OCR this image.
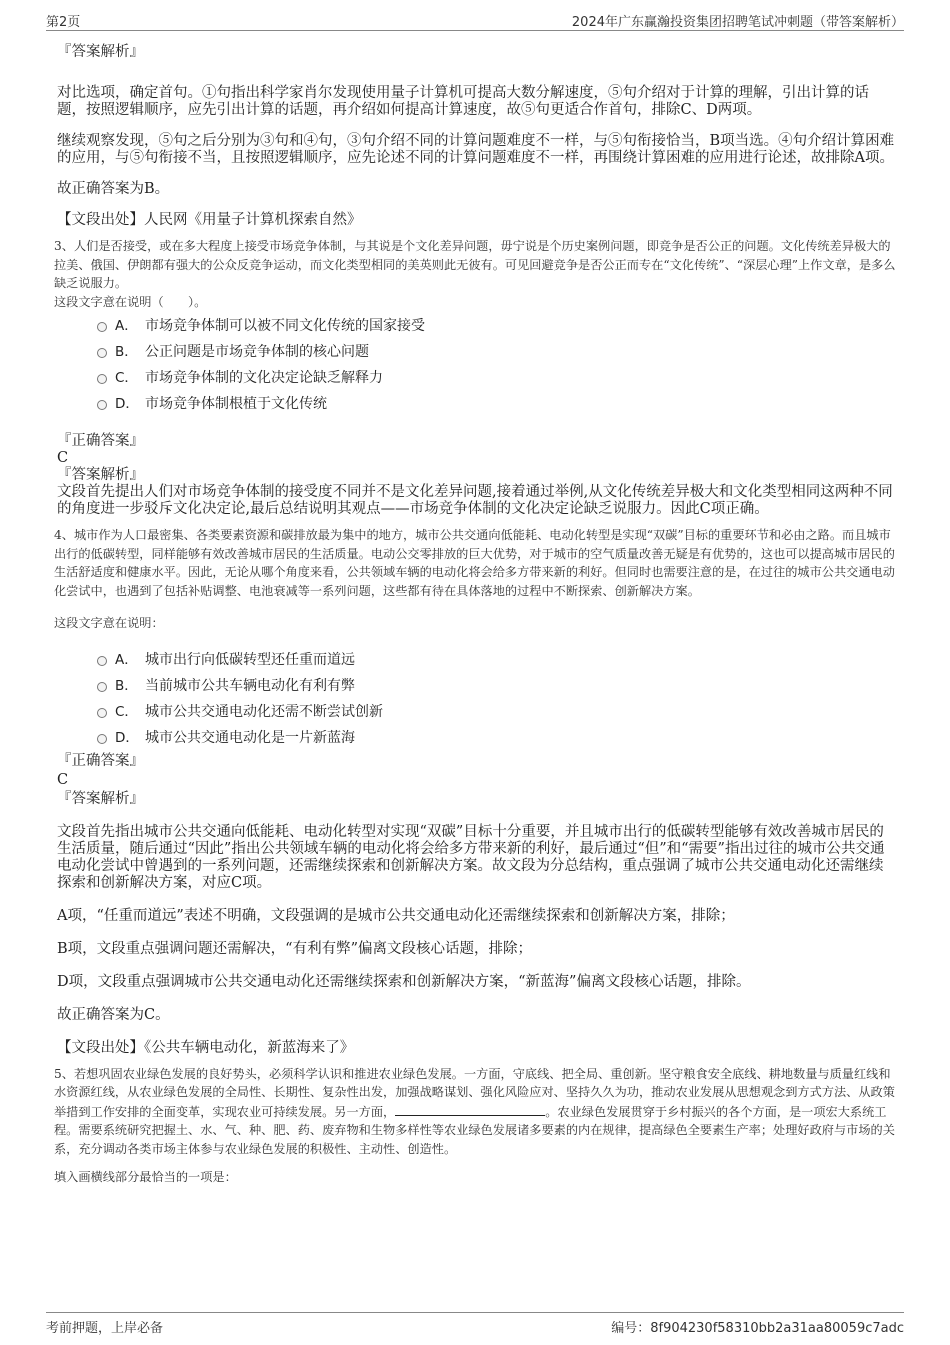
第2页	2024年广东赢瀚投资集团招聘笔试冲刺题（带答案解析）

『答案解析』

对比选项，确定首句。①句指出科学家肖尔发现使用量子计算机可提高大数分解速度，⑤句介绍对于计算的理解，引出计算的话题，按照逻辑顺序，应先引出计算的话题，再介绍如何提高计算速度，故⑤句更适合作首句，排除C、D两项。

继续观察发现，⑤句之后分别为③句和④句，③句介绍不同的计算问题难度不一样，与⑤句衔接恰当，B项当选。④句介绍计算困难的应用，与⑤句衔接不当，且按照逻辑顺序，应先论述不同的计算问题难度不一样，再围绕计算困难的应用进行论述，故排除A项。

故正确答案为B。

【文段出处】人民网《用量子计算机探索自然》

3、人们是否接受，或在多大程度上接受市场竞争体制，与其说是个文化差异问题，毋宁说是个历史案例问题，即竞争是否公正的问题。文化传统差异极大的拉美、俄国、伊朗都有强大的公众反竞争运动，而文化类型相同的美英则此无彼有。可见回避竞争是否公正而专在“文化传统”、“深层心理”上作文章，是多么缺乏说服力。

这段文字意在说明（　　）。

A． 市场竞争体制可以被不同文化传统的国家接受
B． 公正问题是市场竞争体制的核心问题
C． 市场竞争体制的文化决定论缺乏解释力
D． 市场竞争体制根植于文化传统

『正确答案』

C

『答案解析』

文段首先提出人们对市场竞争体制的接受度不同并不是文化差异问题,接着通过举例,从文化传统差异极大和文化类型相同这两种不同的角度进一步驳斥文化决定论,最后总结说明其观点——市场竞争体制的文化决定论缺乏说服力。因此C项正确。

4、城市作为人口最密集、各类要素资源和碳排放最为集中的地方，城市公共交通向低能耗、电动化转型是实现“双碳”目标的重要环节和必由之路。而且城市出行的低碳转型，同样能够有效改善城市居民的生活质量。电动公交零排放的巨大优势，对于城市的空气质量改善无疑是有优势的，这也可以提高城市居民的生活舒适度和健康水平。因此，无论从哪个角度来看，公共领域车辆的电动化将会给多方带来新的利好。但同时也需要注意的是，在过往的城市公共交通电动化尝试中，也遇到了包括补贴调整、电池衰减等一系列问题，这些都有待在具体落地的过程中不断探索、创新解决方案。

这段文字意在说明：

A． 城市出行向低碳转型还任重而道远
B． 当前城市公共车辆电动化有利有弊
C． 城市公共交通电动化还需不断尝试创新
D． 城市公共交通电动化是一片新蓝海

『正确答案』

C

『答案解析』

文段首先指出城市公共交通向低能耗、电动化转型对实现“双碳”目标十分重要，并且城市出行的低碳转型能够有效改善城市居民的生活质量，随后通过“因此”指出公共领域车辆的电动化将会给多方带来新的利好，最后通过“但”和“需要”指出过往的城市公共交通电动化尝试中曾遇到的一系列问题，还需继续探索和创新解决方案。故文段为分总结构，重点强调了城市公共交通电动化还需继续探索和创新解决方案，对应C项。

A项，“任重而道远”表述不明确，文段强调的是城市公共交通电动化还需继续探索和创新解决方案，排除；

B项，文段重点强调问题还需解决，“有利有弊”偏离文段核心话题，排除；

D项，文段重点强调城市公共交通电动化还需继续探索和创新解决方案，“新蓝海”偏离文段核心话题，排除。

故正确答案为C。

【文段出处】《公共车辆电动化，新蓝海来了》

5、若想巩固农业绿色发展的良好势头，必须科学认识和推进农业绿色发展。一方面，守底线、把全局、重创新。坚守粮食安全底线、耕地数量与质量红线和水资源红线，从农业绿色发展的全局性、长期性、复杂性出发，加强战略谋划、强化风险应对、坚持久久为功，推动农业发展从思想观念到方式方法、从政策举措到工作安排的全面变革，实现农业可持续发展。另一方面，	。农业绿色发展贯穿于乡村振兴的各个方面，是一项宏大系统工程。需要系统研究把握土、水、气、种、肥、药、废弃物和生物多样性等农业绿色发展诸多要素的内在规律，提高绿色全要素生产率；处理好政府与市场的关系，充分调动各类市场主体参与农业绿色发展的积极性、主动性、创造性。

填入画横线部分最恰当的一项是：

考前押题，上岸必备	编号：8f904230f58310bb2a31aa80059c7adc
